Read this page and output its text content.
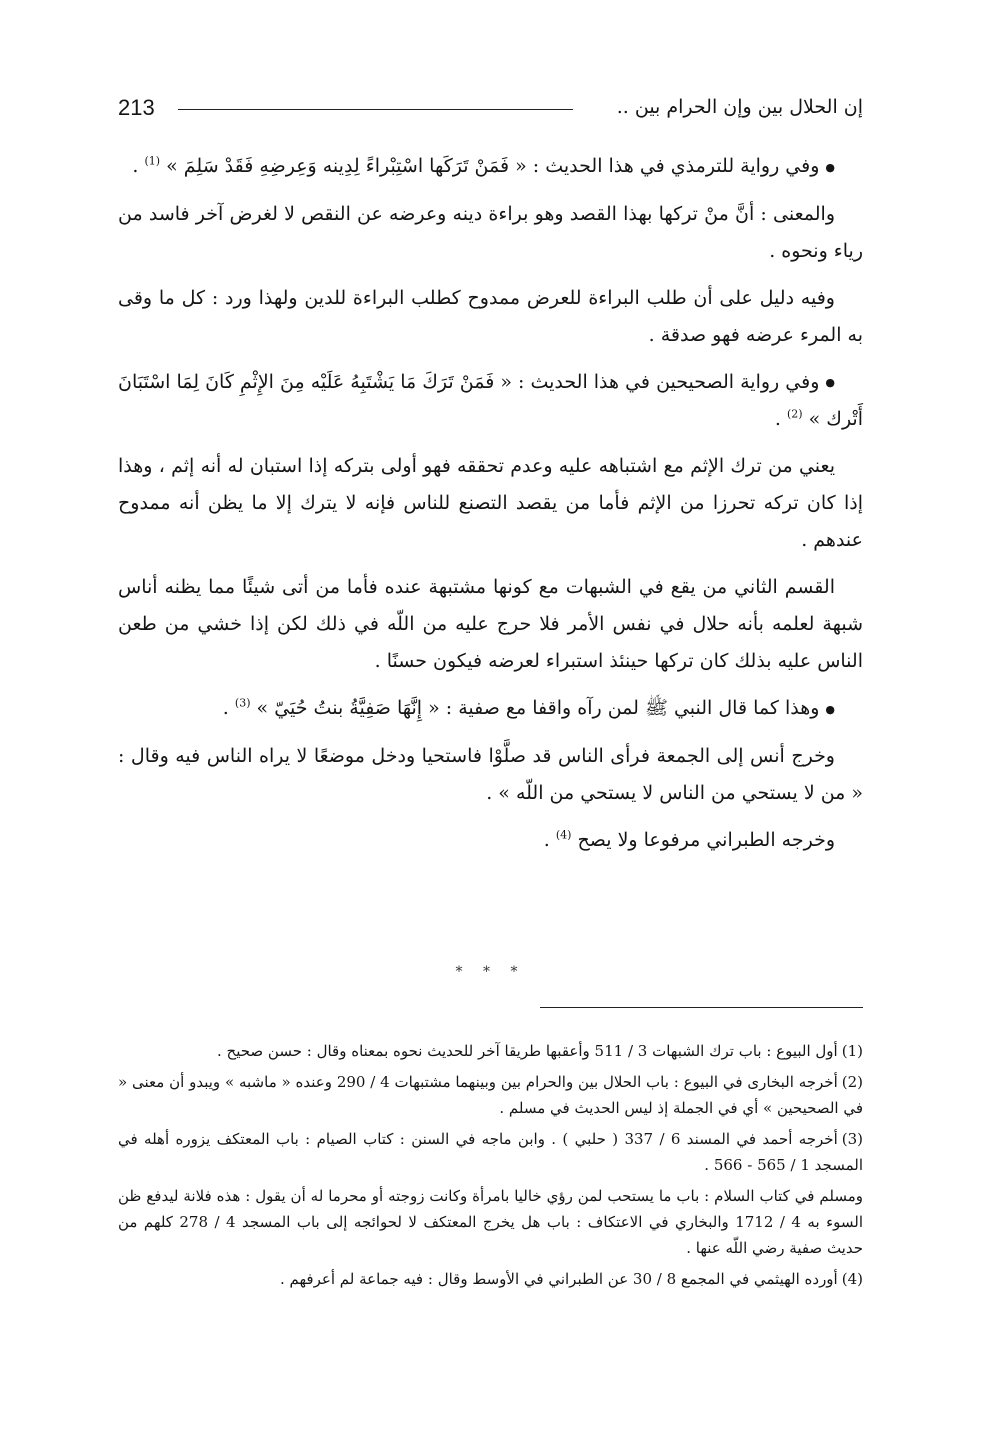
213	إن الحلال بين وإن الحرام بين ..
● وفي رواية للترمذي في هذا الحديث : « فَمَنْ تَرَكَها اسْتِبْراءً لِدِينه وَعِرضِهِ فَقَدْ سَلِمَ » $^{(1)}$ .
والمعنى : أنَّ منْ تركها بهذا القصد وهو براءة دينه وعرضه عن النقص لا لغرض آخر فاسد من رياء ونحوه .
وفيه دليل على أن طلب البراءة للعرض ممدوح كطلب البراءة للدين ولهذا ورد : كل ما وقى به المرء عرضه فهو صدقة .
● وفي رواية الصحيحين في هذا الحديث : « فَمَنْ تَرَكَ مَا يَشْتَبِهُ عَلَيْه مِنَ الإِثْمِ كَانَ لِمَا اسْتَبَانَ أَتْرك » $^{(2)}$ .
يعني من ترك الإثم مع اشتباهه عليه وعدم تحققه فهو أولى بتركه إذا استبان له أنه إثم ، وهذا إذا كان تركه تحرزا من الإثم فأما من يقصد التصنع للناس فإنه لا يترك إلا ما يظن أنه ممدوح عندهم .
القسم الثاني من يقع في الشبهات مع كونها مشتبهة عنده فأما من أتى شيئًا مما يظنه أناس شبهة لعلمه بأنه حلال في نفس الأمر فلا حرج عليه من اللّه في ذلك لكن إذا خشي من طعن الناس عليه بذلك كان تركها حينئذ استبراء لعرضه فيكون حسنًا .
● وهذا كما قال النبي ﷺ لمن رآه واقفا مع صفية : « إِنَّهَا صَفِيَّةُ بنتُ حُيَيّ » $^{(3)}$ .
وخرج أنس إلى الجمعة فرأى الناس قد صلَّوْا فاستحيا ودخل موضعًا لا يراه الناس فيه وقال : « من لا يستحي من الناس لا يستحي من اللّه » .
وخرجه الطبراني مرفوعا ولا يصح $^{(4)}$ .
* * *

(1)أول البيوع : باب ترك الشبهات 3 / 511 وأعقبها طريقا آخر للحديث نحوه بمعناه وقال : حسن صحيح .

(2)أخرجه البخارى في البيوع : باب الحلال بين والحرام بين وبينهما مشتبهات 4 / 290 وعنده « ماشبه » ويبدو أن معنى « في الصحيحين » أي في الجملة إذ ليس الحديث في مسلم .

(3)أخرجه أحمد في المسند 6 / 337 ( حلبي ) . وابن ماجه في السنن : كتاب الصيام : باب المعتكف يزوره أهله في المسجد 1 / 565 - 566 .

ومسلم في كتاب السلام : باب ما يستحب لمن رؤي خاليا بامرأة وكانت زوجته أو محرما له أن يقول : هذه فلانة ليدفع ظن السوء به 4 / 1712 والبخاري في الاعتكاف : باب هل يخرج المعتكف لا لحوائجه إلى باب المسجد 4 / 278 كلهم من حديث صفية رضي اللّه عنها .

(4)أورده الهيثمي في المجمع 8 / 30 عن الطبراني في الأوسط وقال : فيه جماعة لم أعرفهم .
